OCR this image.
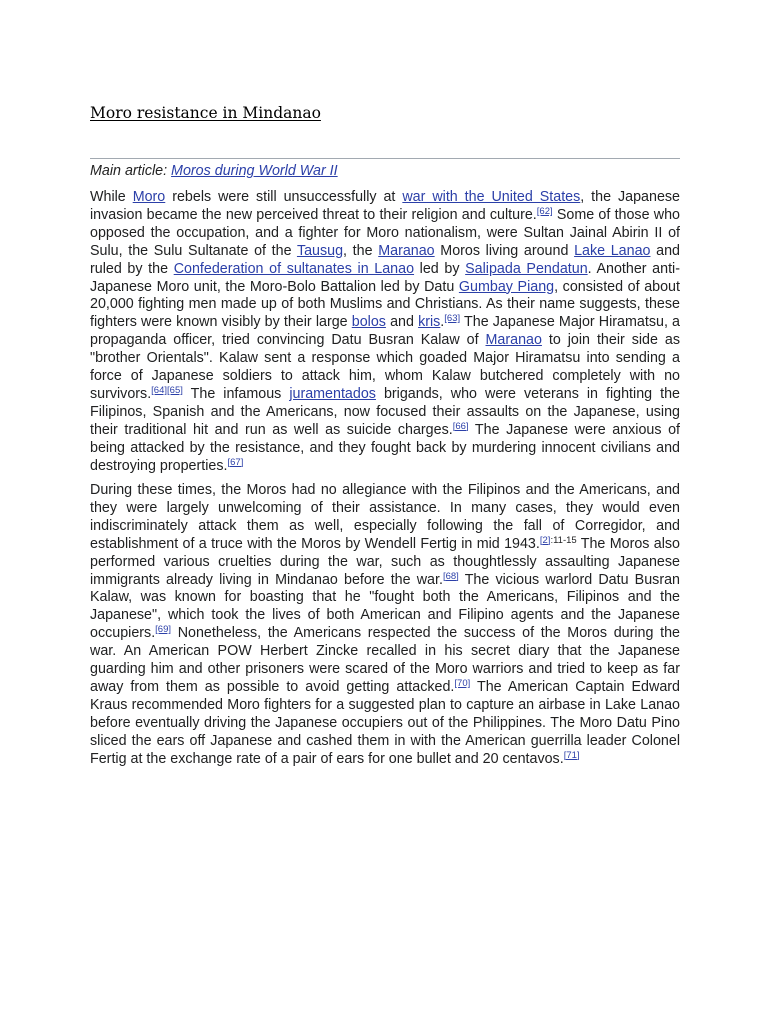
Moro resistance in Mindanao
Main article: Moros during World War II

While Moro rebels were still unsuccessfully at war with the United States, the Japanese invasion became the new perceived threat to their religion and culture.[62] Some of those who opposed the occupation, and a fighter for Moro nationalism, were Sultan Jainal Abirin II of Sulu, the Sulu Sultanate of the Tausug, the Maranao Moros living around Lake Lanao and ruled by the Confederation of sultanates in Lanao led by Salipada Pendatun. Another anti-Japanese Moro unit, the Moro-Bolo Battalion led by Datu Gumbay Piang, consisted of about 20,000 fighting men made up of both Muslims and Christians. As their name suggests, these fighters were known visibly by their large bolos and kris.[63] The Japanese Major Hiramatsu, a propaganda officer, tried convincing Datu Busran Kalaw of Maranao to join their side as "brother Orientals". Kalaw sent a response which goaded Major Hiramatsu into sending a force of Japanese soldiers to attack him, whom Kalaw butchered completely with no survivors.[64][65] The infamous juramentados brigands, who were veterans in fighting the Filipinos, Spanish and the Americans, now focused their assaults on the Japanese, using their traditional hit and run as well as suicide charges.[66] The Japanese were anxious of being attacked by the resistance, and they fought back by murdering innocent civilians and destroying properties.[67]

During these times, the Moros had no allegiance with the Filipinos and the Americans, and they were largely unwelcoming of their assistance. In many cases, they would even indiscriminately attack them as well, especially following the fall of Corregidor, and establishment of a truce with the Moros by Wendell Fertig in mid 1943.$^{[2]:11-15}$ The Moros also performed various cruelties during the war, such as thoughtlessly assaulting Japanese immigrants already living in Mindanao before the war.[68] The vicious warlord Datu Busran Kalaw, was known for boasting that he "fought both the Americans, Filipinos and the Japanese", which took the lives of both American and Filipino agents and the Japanese occupiers.[69] Nonetheless, the Americans respected the success of the Moros during the war. An American POW Herbert Zincke recalled in his secret diary that the Japanese guarding him and other prisoners were scared of the Moro warriors and tried to keep as far away from them as possible to avoid getting attacked.[70] The American Captain Edward Kraus recommended Moro fighters for a suggested plan to capture an airbase in Lake Lanao before eventually driving the Japanese occupiers out of the Philippines. The Moro Datu Pino sliced the ears off Japanese and cashed them in with the American guerrilla leader Colonel Fertig at the exchange rate of a pair of ears for one bullet and 20 centavos.[71]
